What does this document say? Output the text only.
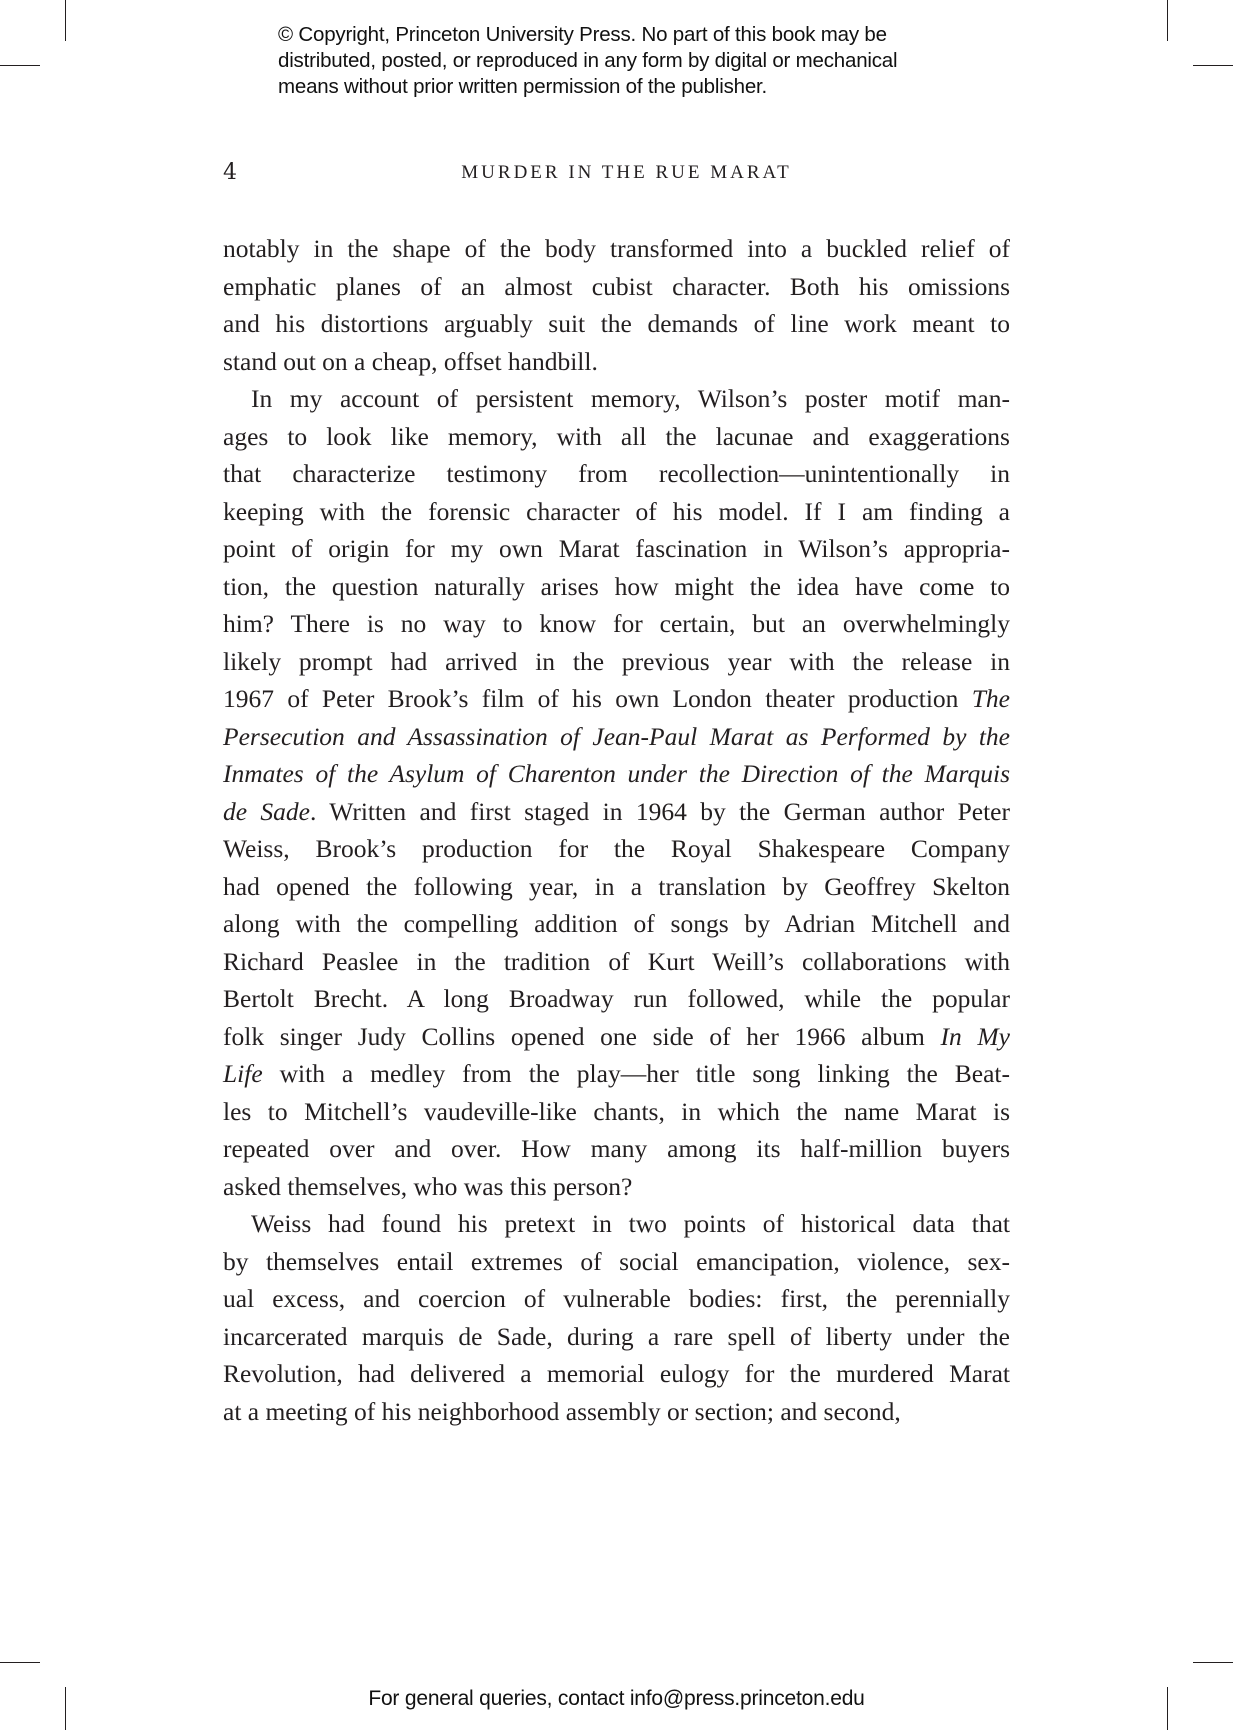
© Copyright, Princeton University Press. No part of this book may be
distributed, posted, or reproduced in any form by digital or mechanical
means without prior written permission of the publisher.
4	MURDER IN THE RUE MARAT
notably in the shape of the body transformed into a buckled relief of
emphatic planes of an almost cubist character. Both his omissions
and his distortions arguably suit the demands of line work meant to
stand out on a cheap, offset handbill.
In my account of persistent memory, Wilson’s poster motif man-
ages to look like memory, with all the lacunae and exaggerations
that characterize testimony from recollection—unintentionally in
keeping with the forensic character of his model. If I am finding a
point of origin for my own Marat fascination in Wilson’s appropria-
tion, the question naturally arises how might the idea have come to
him? There is no way to know for certain, but an overwhelmingly
likely prompt had arrived in the previous year with the release in
1967 of Peter Brook’s film of his own London theater production The
Persecution and Assassination of Jean-Paul Marat as Performed by the
Inmates of the Asylum of Charenton under the Direction of the Marquis
de Sade. Written and first staged in 1964 by the German author Peter
Weiss, Brook’s production for the Royal Shakespeare Company
had opened the following year, in a translation by Geoffrey Skelton
along with the compelling addition of songs by Adrian Mitchell and
Richard Peaslee in the tradition of Kurt Weill’s collaborations with
Bertolt Brecht. A long Broadway run followed, while the popular
folk singer Judy Collins opened one side of her 1966 album In My
Life with a medley from the play—her title song linking the Beat-
les to Mitchell’s vaudeville-like chants, in which the name Marat is
repeated over and over. How many among its half-million buyers
asked themselves, who was this person?
Weiss had found his pretext in two points of historical data that
by themselves entail extremes of social emancipation, violence, sex-
ual excess, and coercion of vulnerable bodies: first, the perennially
incarcerated marquis de Sade, during a rare spell of liberty under the
Revolution, had delivered a memorial eulogy for the murdered Marat
at a meeting of his neighborhood assembly or section; and second,
For general queries, contact info@press.princeton.edu
